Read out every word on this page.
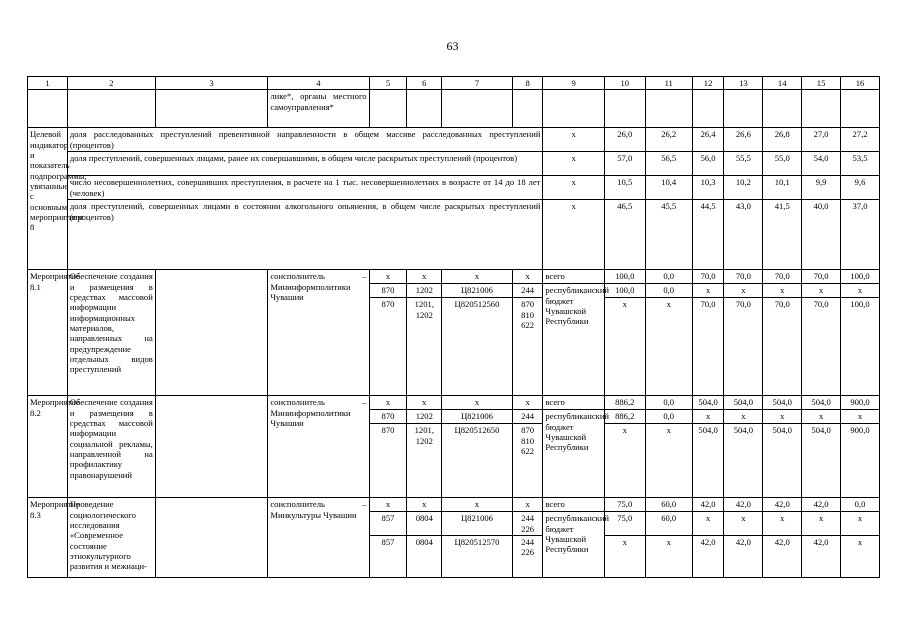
63
1	2	3	4	5	6	7	8	9	10	11	12	13	14	15	16
			лике*, органы местного самоуправления*												
Целевой индикатор и показатель подпрограммы, увязанные с основным мероприятием 8	доля расследованных преступлений превентивной направленности в общем массиве расследованных преступлений (процентов)							x	26,0	26,2	26,4	26,6	26,8	27,0	27,2
	доля преступлений, совершенных лицами, ранее их совершавшими, в общем числе раскрытых преступлений (процентов)							x	57,0	56,5	56,0	55,5	55,0	54,0	53,5
	число несовершеннолетних, совершивших преступления, в расчете на 1 тыс. несовершеннолетних в возрасте от 14 до 18 лет (человек)							x	10,5	10,4	10,3	10,2	10,1	9,9	9,6
	доля преступлений, совершенных лицами в состоянии алкогольного опьянения, в общем числе раскрытых преступлений (процентов)							x	46,5	45,5	44,5	43,0	41,5	40,0	37,0
Мероприятие 8.1	Обеспечение создания и размещения в средствах массовой информации информационных материалов, направленных на предупреждение отдельных видов преступлений		соисполнитель – Мининформполитики Чувашии	x	x	x	x	всего	100,0	0,0	70,0	70,0	70,0	70,0	100,0
				870	1202	Ц821006	244	республиканский бюджет Чувашской Республики	100,0	0,0	x	x	x	x	x
				870	1201, 1202	Ц820512560	870 810 622		x	x	70,0	70,0	70,0	70,0	100,0
Мероприятие 8.2	Обеспечение создания и размещения в средствах массовой информации социальной рекламы, направленной на профилактику правонарушений		соисполнитель – Мининформполитики Чувашии	x	x	x	x	всего	886,2	0,0	504,0	504,0	504,0	504,0	900,0
				870	1202	Ц821006	244	республиканский бюджет Чувашской Республики	886,2	0,0	x	x	x	x	x
				870	1201, 1202	Ц820512650	870 810 622		x	x	504,0	504,0	504,0	504,0	900,0
Мероприятие 8.3	Проведение социологического исследования «Современное состояние этнокультурного развития и межнаци-		соисполнитель – Минкультуры Чувашии	x	x	x	x	всего	75,0	60,0	42,0	42,0	42,0	42,0	0,0
				857	0804	Ц821006	244 226	республиканский бюджет Чувашской Республики	75,0	60,0	x	x	x	x	x
				857	0804	Ц820512570	244 226		x	x	42,0	42,0	42,0	42,0	x
